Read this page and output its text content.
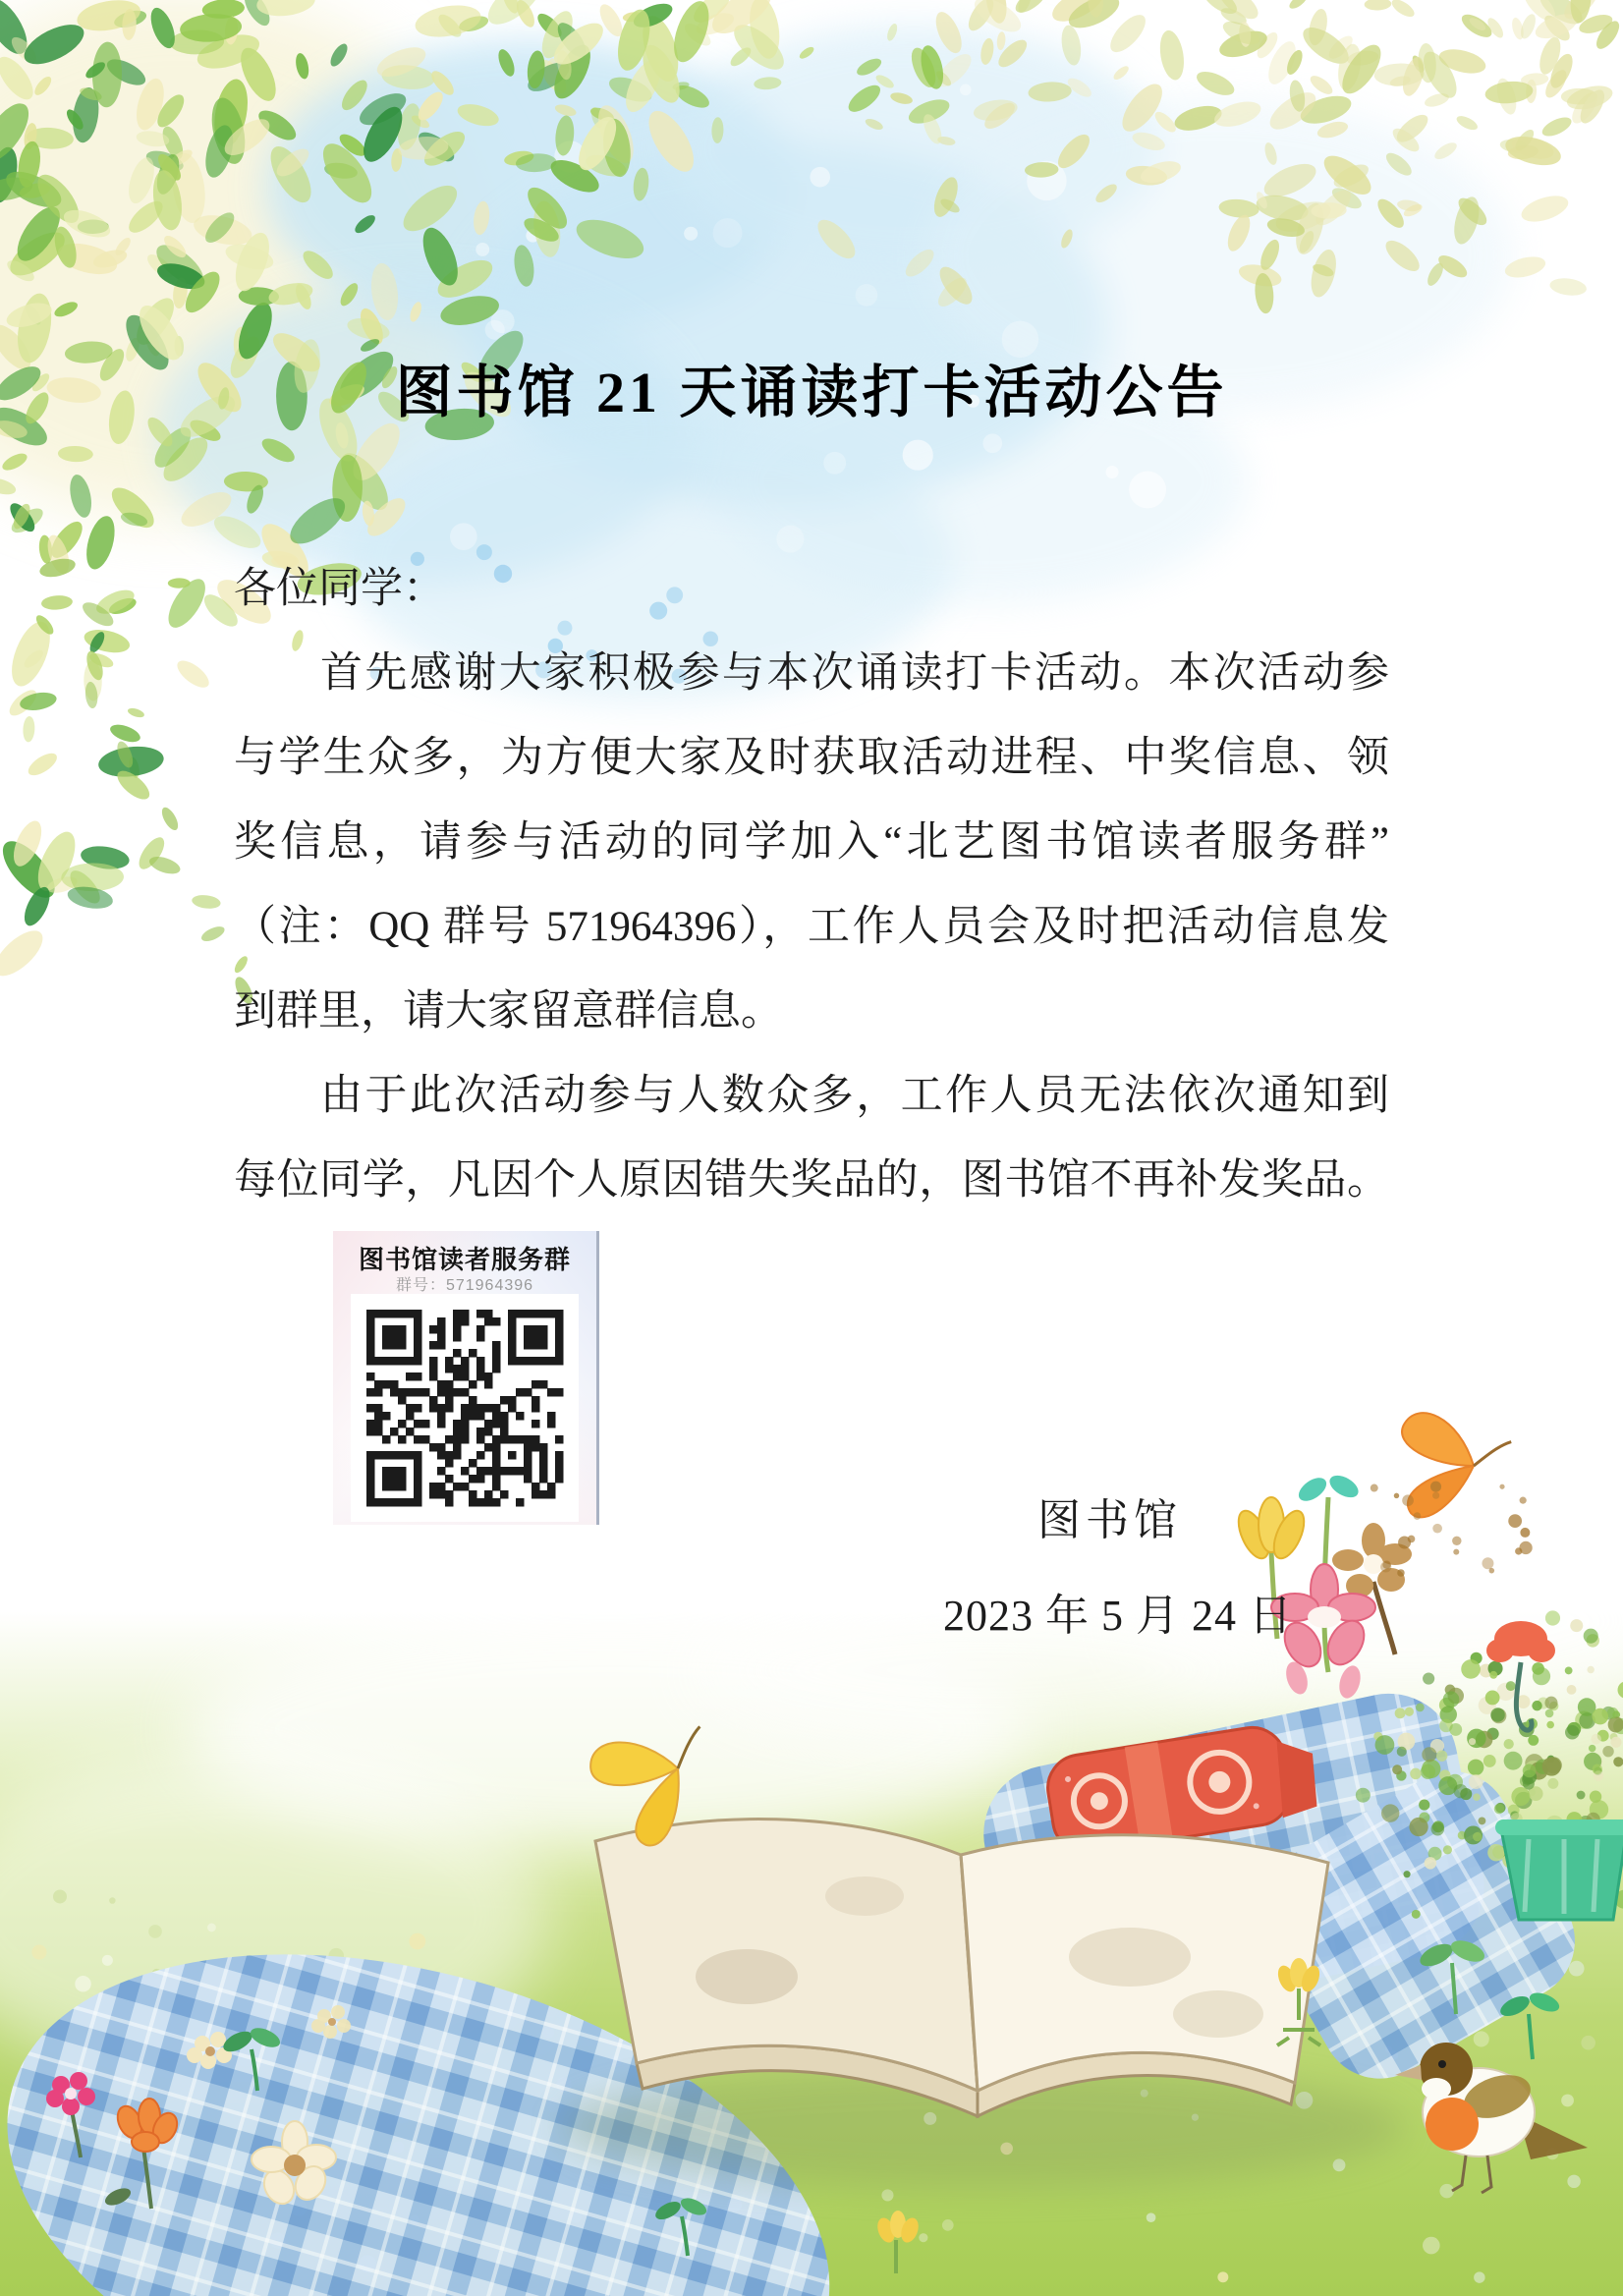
图书馆 21 天诵读打卡活动公告
各位同学：
首先感谢大家积极参与本次诵读打卡活动。本次活动参
与学生众多，为方便大家及时获取活动进程、中奖信息、领
奖信息，请参与活动的同学加入“北艺图书馆读者服务群”
（注：QQ 群号 571964396），工作人员会及时把活动信息发
到群里，请大家留意群信息。
由于此次活动参与人数众多，工作人员无法依次通知到
每位同学，凡因个人原因错失奖品的，图书馆不再补发奖品。
图书馆
2023 年 5 月 24 日
图书馆读者服务群
群号：571964396
